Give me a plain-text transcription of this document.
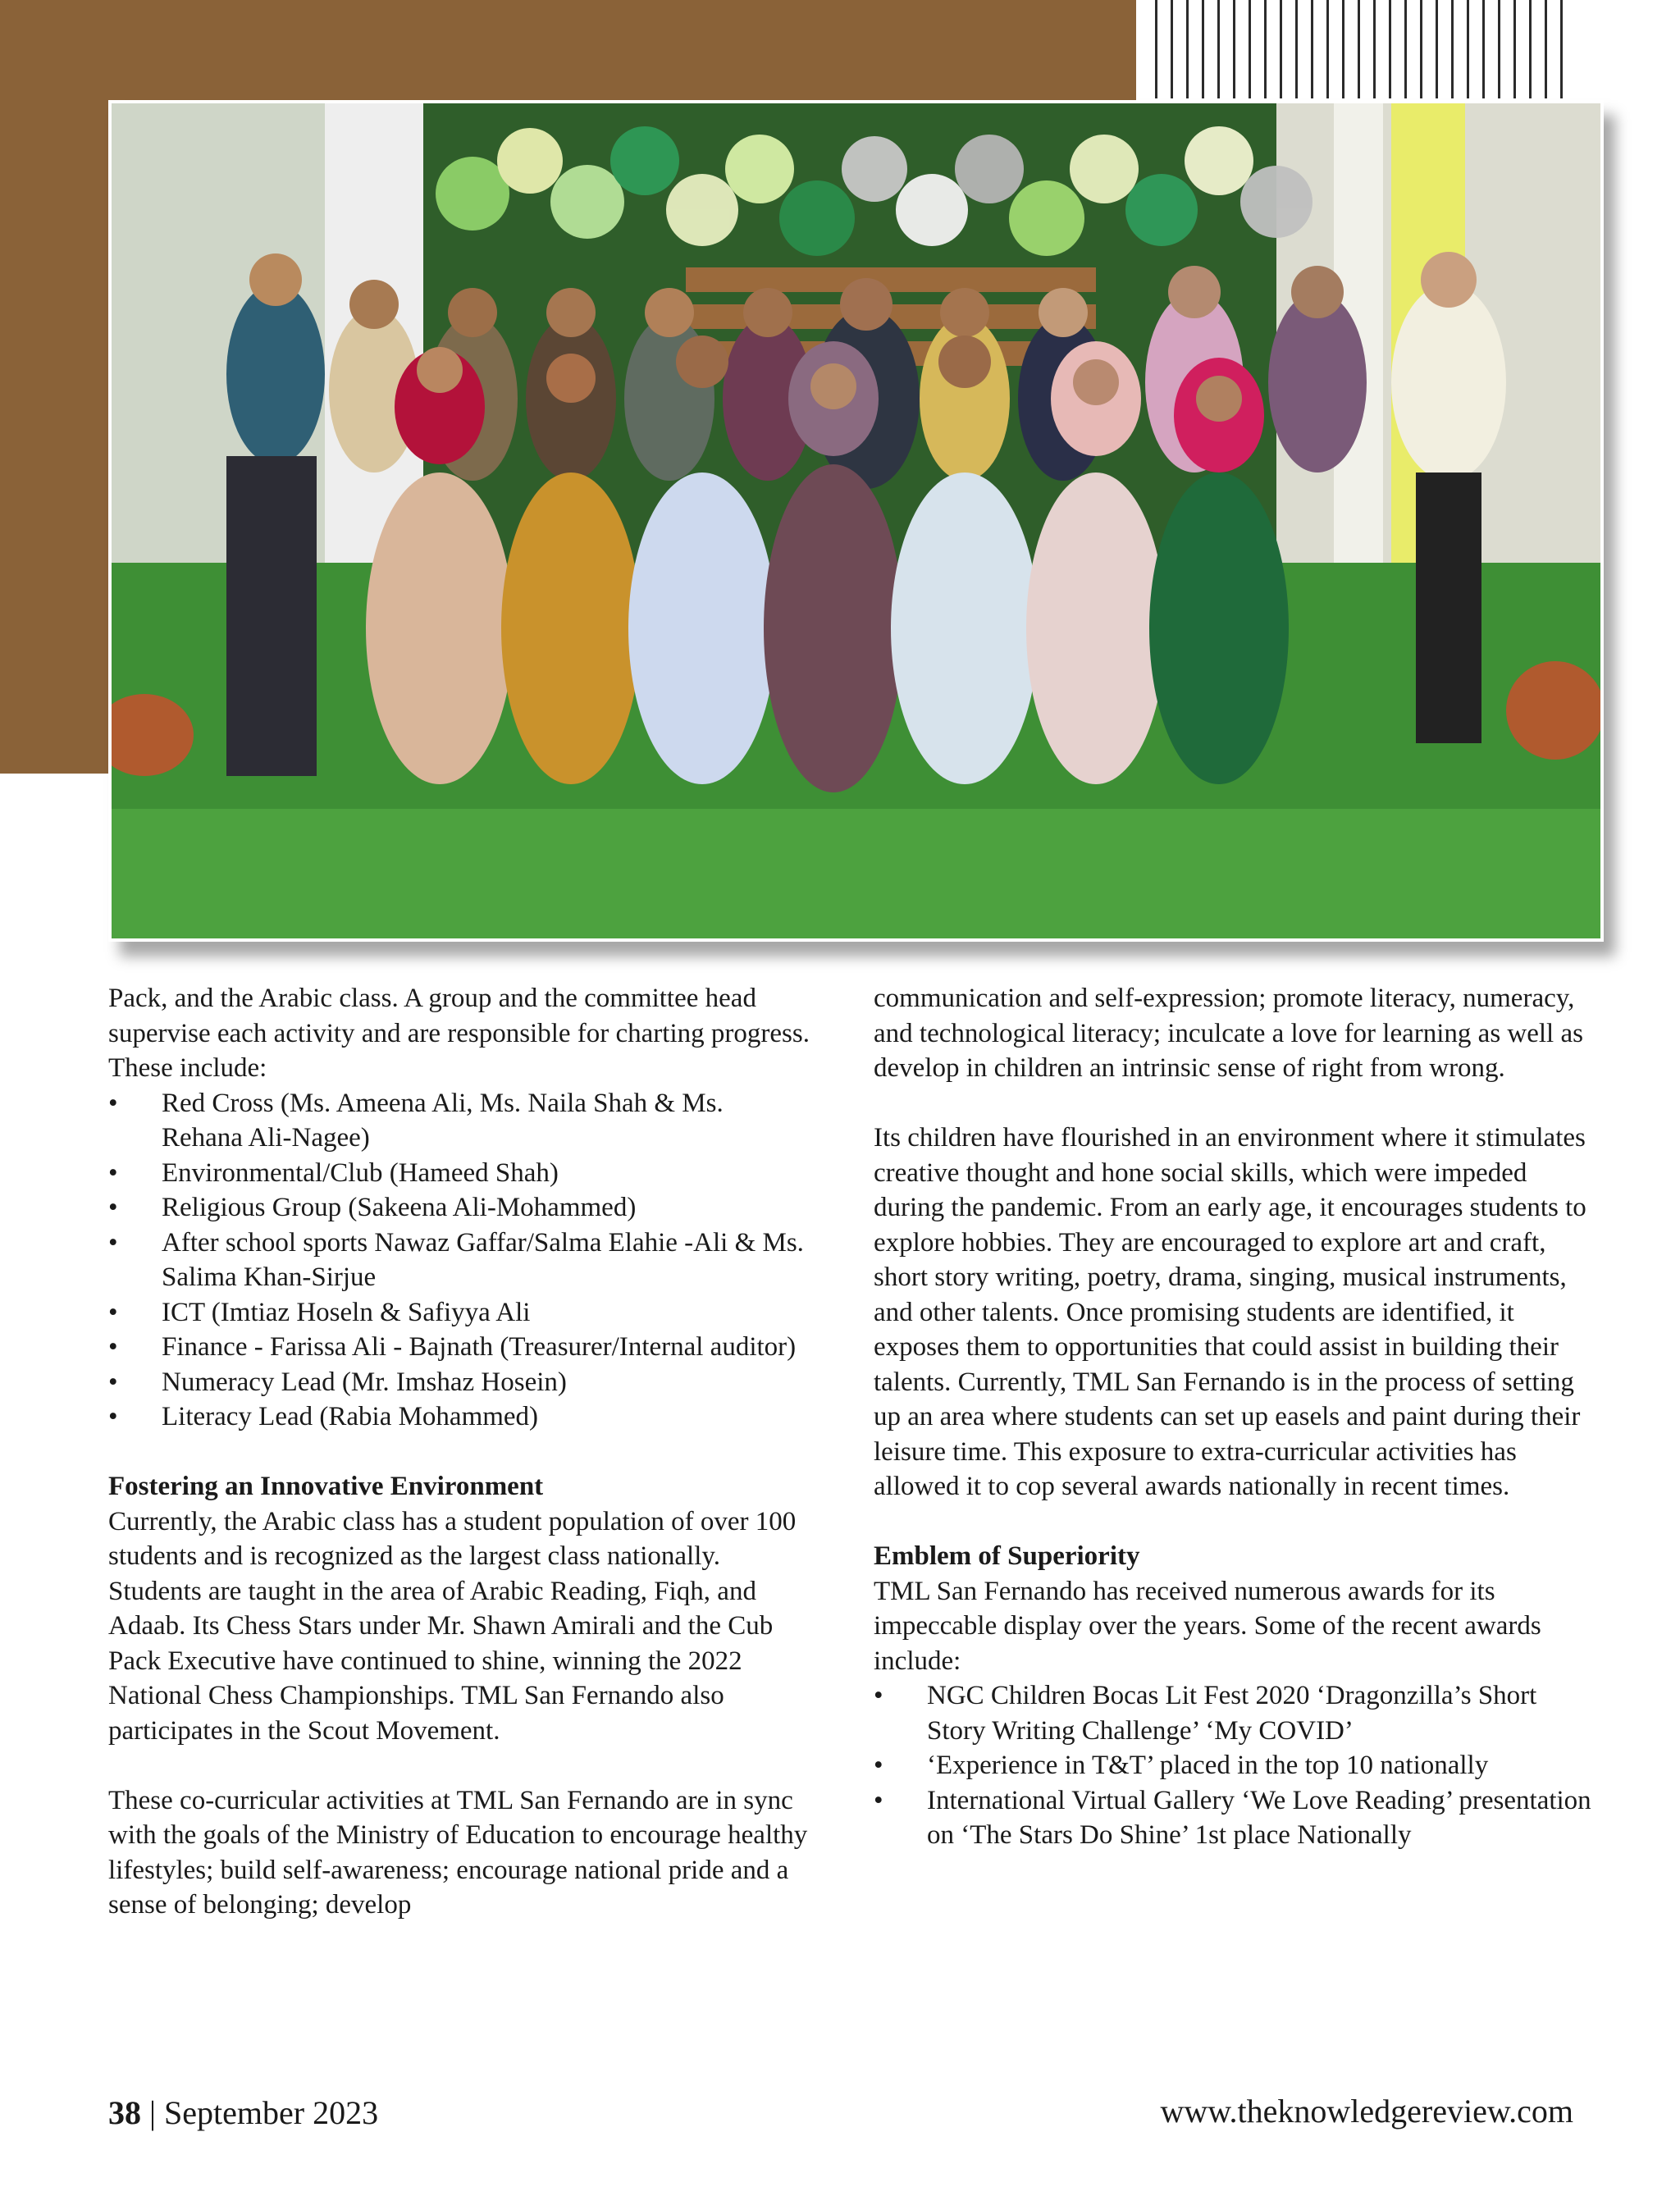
Pack, and the Arabic class. A group and the committee head supervise each activity and are responsible for charting progress. These include:

• Red Cross (Ms. Ameena Ali, Ms. Naila Shah & Ms. Rehana Ali-Nagee)
• Environmental/Club (Hameed Shah)
• Religious Group (Sakeena Ali-Mohammed)
• After school sports Nawaz Gaffar/Salma Elahie -Ali & Ms. Salima Khan-Sirjue
• ICT (Imtiaz Hoseln & Safiyya Ali
• Finance - Farissa Ali - Bajnath (Treasurer/Internal auditor)
• Numeracy Lead (Mr. Imshaz Hosein)
• Literacy Lead (Rabia Mohammed)

Fostering an Innovative Environment

Currently, the Arabic class has a student population of over 100 students and is recognized as the largest class nationally. Students are taught in the area of Arabic Reading, Fiqh, and Adaab. Its Chess Stars under Mr. Shawn Amirali and the Cub Pack Executive have continued to shine, winning the 2022 National Chess Championships. TML San Fernando also participates in the Scout Movement.

These co-curricular activities at TML San Fernando are in sync with the goals of the Ministry of Education to encourage healthy lifestyles; build self-awareness; encourage national pride and a sense of belonging; develop

communication and self-expression; promote literacy, numeracy, and technological literacy; inculcate a love for learning as well as develop in children an intrinsic sense of right from wrong.

Its children have flourished in an environment where it stimulates creative thought and hone social skills, which were impeded during the pandemic. From an early age, it encourages students to explore hobbies. They are encouraged to explore art and craft, short story writing, poetry, drama, singing, musical instruments, and other talents. Once promising students are identified, it exposes them to opportunities that could assist in building their talents. Currently, TML San Fernando is in the process of setting up an area where students can set up easels and paint during their leisure time. This exposure to extra-curricular activities has allowed it to cop several awards nationally in recent times.

Emblem of Superiority

TML San Fernando has received numerous awards for its impeccable display over the years. Some of the recent awards include:

• NGC Children Bocas Lit Fest 2020 ‘Dragonzilla’s Short Story Writing Challenge’ ‘My COVID’
• ‘Experience in T&T’ placed in the top 10 nationally
• International Virtual Gallery ‘We Love Reading’ presentation on ‘The Stars Do Shine’ 1st place Nationally
38 | September 2023	www.theknowledgereview.com
